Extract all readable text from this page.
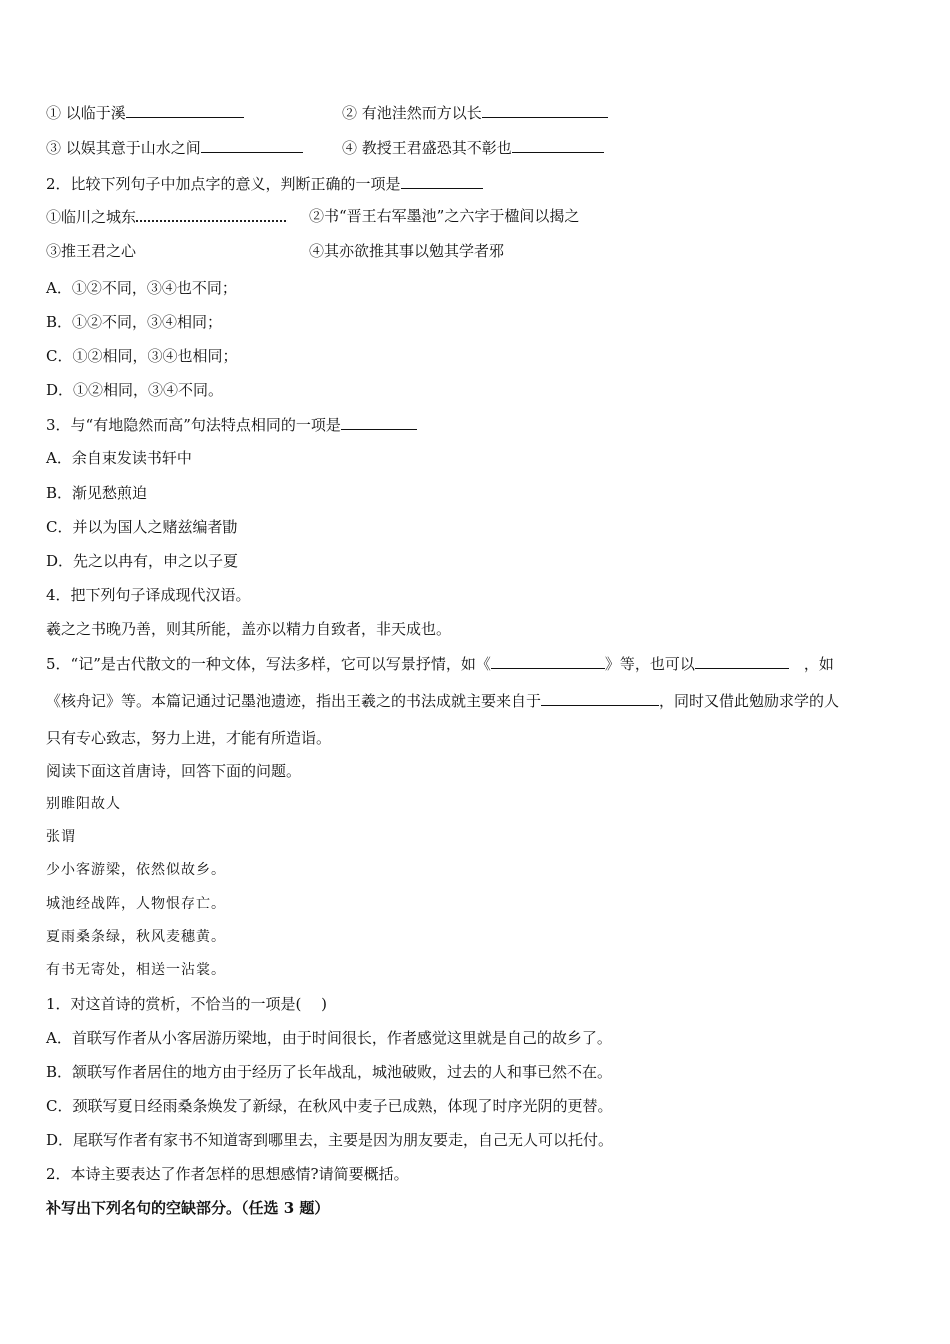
① 以临于溪	② 有池洼然而方以长
③ 以娱其意于山水之间	④ 教授王君盛恐其不彰也
2．比较下列句子中加点字的意义，判断正确的一项是
①临川之城东	②书“晋王右军墨池”之六字于楹间以揭之
③推王君之心	④其亦欲推其事以勉其学者邪
A．①②不同，③④也不同；
B．①②不同，③④相同；
C．①②相同，③④也相同；
D．①②相同，③④不同。
3．与“有地隐然而高”句法特点相同的一项是
A．余自束发读书轩中
B．渐见愁煎迫
C．并以为国人之赌兹编者勖
D．先之以冉有，申之以子夏
4．把下列句子译成现代汉语。
羲之之书晚乃善，则其所能，盖亦以精力自致者，非天成也。
5．“记”是古代散文的一种文体，写法多样，它可以写景抒情，如《	》等，也可以	，如
《核舟记》等。本篇记通过记墨池遗迹，指出王羲之的书法成就主要来自于	，同时又借此勉励求学的人
只有专心致志，努力上进，才能有所造诣。
阅读下面这首唐诗，回答下面的问题。
别睢阳故人
张谓
少小客游梁，依然似故乡。
城池经战阵，人物恨存亡。
夏雨桑条绿，秋风麦穗黄。
有书无寄处，相送一沾裳。
1．对这首诗的赏析，不恰当的一项是(　 )
A．首联写作者从小客居游历梁地，由于时间很长，作者感觉这里就是自己的故乡了。
B．颔联写作者居住的地方由于经历了长年战乱，城池破败，过去的人和事已然不在。
C．颈联写夏日经雨桑条焕发了新绿，在秋风中麦子已成熟，体现了时序光阴的更替。
D．尾联写作者有家书不知道寄到哪里去，主要是因为朋友要走，自己无人可以托付。
2．本诗主要表达了作者怎样的思想感情?请简要概括。
补写出下列名句的空缺部分。（任选 3 题）
